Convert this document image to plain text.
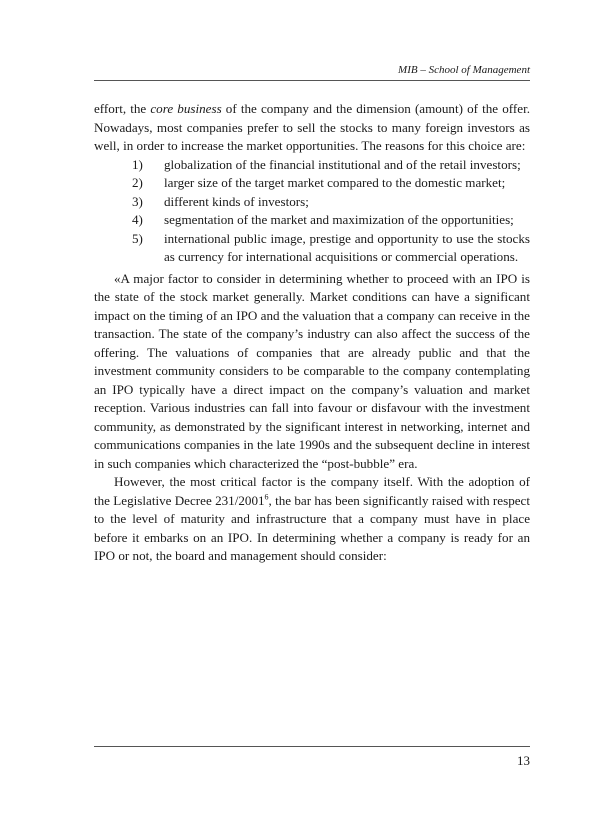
MIB – School of Management

effort, the core business of the company and the dimension (amount) of the offer. Nowadays, most companies prefer to sell the stocks to many foreign investors as well, in order to increase the market opportunities. The reasons for this choice are:

1) globalization of the financial institutional and of the retail investors;
2) larger size of the target market compared to the domestic market;
3) different kinds of investors;
4) segmentation of the market and maximization of the opportunities;
5) international public image, prestige and opportunity to use the stocks as currency for international acquisitions or commercial operations.

«A major factor to consider in determining whether to proceed with an IPO is the state of the stock market generally. Market conditions can have a significant impact on the timing of an IPO and the valuation that a company can receive in the transaction. The state of the company’s industry can also affect the success of the offering. The valuations of companies that are already public and that the investment community considers to be comparable to the company contemplating an IPO typically have a direct impact on the company’s valuation and market reception. Various industries can fall into favour or disfavour with the investment community, as demonstrated by the significant interest in networking, internet and communications companies in the late 1990s and the subsequent decline in interest in such companies which characterized the “post-bubble” era.

However, the most critical factor is the company itself. With the adoption of the Legislative Decree 231/2001$^6$, the bar has been significantly raised with respect to the level of maturity and infrastructure that a company must have in place before it embarks on an IPO. In determining whether a company is ready for an IPO or not, the board and management should consider:

13
